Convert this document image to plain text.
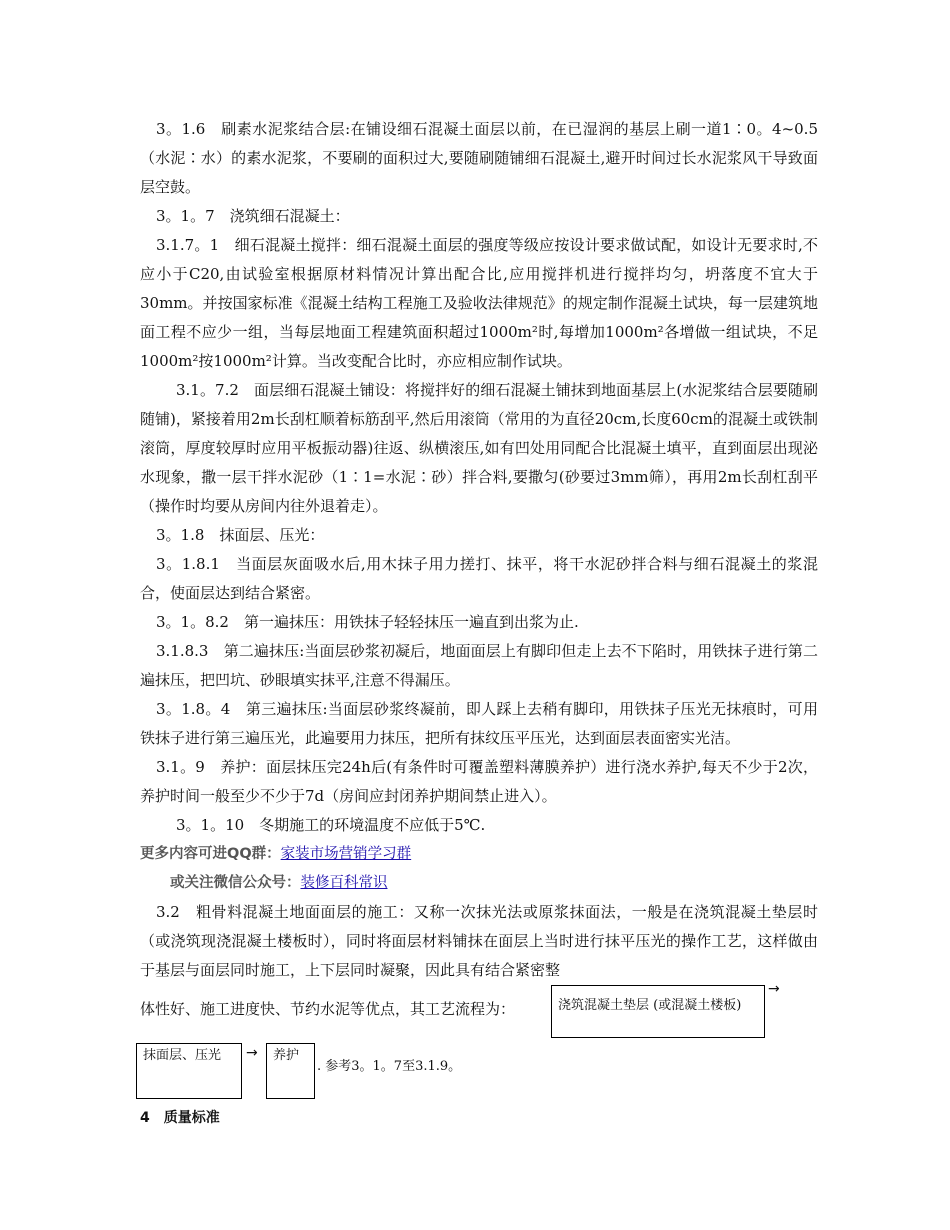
3。1.6　刷素水泥浆结合层:在铺设细石混凝土面层以前，在已湿润的基层上刷一道1∶0。4~0.5（水泥∶水）的素水泥浆，不要刷的面积过大,要随刷随铺细石混凝土,避开时间过长水泥浆风干导致面层空鼓。

3。1。7　浇筑细石混凝土：

3.1.7。1　细石混凝土搅拌：细石混凝土面层的强度等级应按设计要求做试配，如设计无要求时,不应小于C20,由试验室根据原材料情况计算出配合比,应用搅拌机进行搅拌均匀，坍落度不宜大于30mm。并按国家标准《混凝土结构工程施工及验收法律规范》的规定制作混凝土试块，每一层建筑地面工程不应少一组，当每层地面工程建筑面积超过1000m²时,每增加1000m²各增做一组试块，不足1000m²按1000m²计算。当改变配合比时，亦应相应制作试块。

3.1。7.2　面层细石混凝土铺设：将搅拌好的细石混凝土铺抹到地面基层上(水泥浆结合层要随刷随铺)，紧接着用2m长刮杠顺着标筋刮平,然后用滚筒（常用的为直径20cm,长度60cm的混凝土或铁制滚筒，厚度较厚时应用平板振动器)往返、纵横滚压,如有凹处用同配合比混凝土填平，直到面层出现泌水现象，撒一层干拌水泥砂（1∶1=水泥∶砂）拌合料,要撒匀(砂要过3mm筛），再用2m长刮杠刮平（操作时均要从房间内往外退着走）。

3。1.8　抹面层、压光：

3。1.8.1　当面层灰面吸水后,用木抹子用力搓打、抹平，将干水泥砂拌合料与细石混凝土的浆混合，使面层达到结合紧密。

3。1。8.2　第一遍抹压：用铁抹子轻轻抹压一遍直到出浆为止.

3.1.8.3　第二遍抹压:当面层砂浆初凝后，地面面层上有脚印但走上去不下陷时，用铁抹子进行第二遍抹压，把凹坑、砂眼填实抹平,注意不得漏压。

3。1.8。4　第三遍抹压:当面层砂浆终凝前，即人踩上去稍有脚印，用铁抹子压光无抹痕时，可用铁抹子进行第三遍压光，此遍要用力抹压，把所有抹纹压平压光，达到面层表面密实光洁。

3.1。9　养护：面层抹压完24h后(有条件时可覆盖塑料薄膜养护）进行浇水养护,每天不少于2次，养护时间一般至少不少于7d（房间应封闭养护期间禁止进入）。

3。1。10　冬期施工的环境温度不应低于5℃.

更多内容可进QQ群：家装市场营销学习群

或关注微信公众号：装修百科常识

3.2　粗骨料混凝土地面面层的施工：又称一次抹光法或原浆抹面法，一般是在浇筑混凝土垫层时（或浇筑现浇混凝土楼板时），同时将面层材料铺抹在面层上当时进行抹平压光的操作工艺，这样做由于基层与面层同时施工，上下层同时凝聚，因此具有结合紧密整

体性好、施工进度快、节约水泥等优点，其工艺流程为：	浇筑混凝土垫层 (或混凝土楼板)
→
抹面层、压光	→	养护
. 参考3。1。7至3.1.9。
4　质量标准
